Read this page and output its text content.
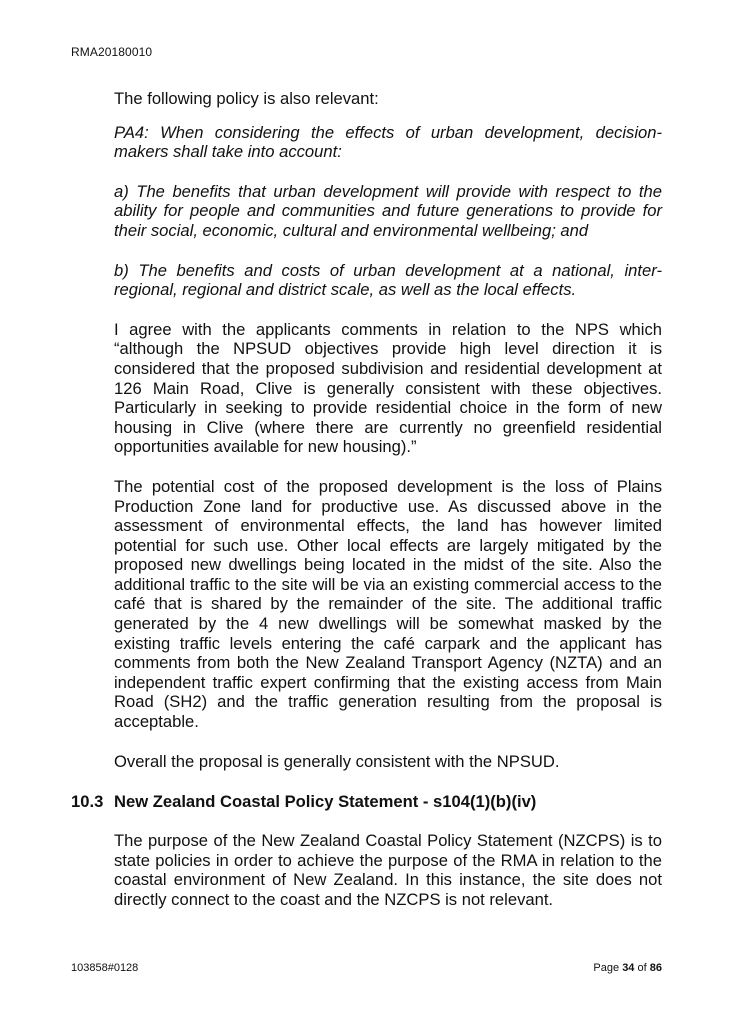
RMA20180010

The following policy is also relevant:

PA4: When considering the effects of urban development, decision-makers shall take into account:

a) The benefits that urban development will provide with respect to the ability for people and communities and future generations to provide for their social, economic, cultural and environmental wellbeing; and

b) The benefits and costs of urban development at a national, inter-regional, regional and district scale, as well as the local effects.

I agree with the applicants comments in relation to the NPS which “although the NPSUD objectives provide high level direction it is considered that the proposed subdivision and residential development at 126 Main Road, Clive is generally consistent with these objectives. Particularly in seeking to provide residential choice in the form of new housing in Clive (where there are currently no greenfield residential opportunities available for new housing).”

The potential cost of the proposed development is the loss of Plains Production Zone land for productive use. As discussed above in the assessment of environmental effects, the land has however limited potential for such use. Other local effects are largely mitigated by the proposed new dwellings being located in the midst of the site. Also the additional traffic to the site will be via an existing commercial access to the café that is shared by the remainder of the site. The additional traffic generated by the 4 new dwellings will be somewhat masked by the existing traffic levels entering the café carpark and the applicant has comments from both the New Zealand Transport Agency (NZTA) and an independent traffic expert confirming that the existing access from Main Road (SH2) and the traffic generation resulting from the proposal is acceptable.

Overall the proposal is generally consistent with the NPSUD.

10.3 New Zealand Coastal Policy Statement - s104(1)(b)(iv)

The purpose of the New Zealand Coastal Policy Statement (NZCPS) is to state policies in order to achieve the purpose of the RMA in relation to the coastal environment of New Zealand. In this instance, the site does not directly connect to the coast and the NZCPS is not relevant.

103858#0128	Page 34 of 86
